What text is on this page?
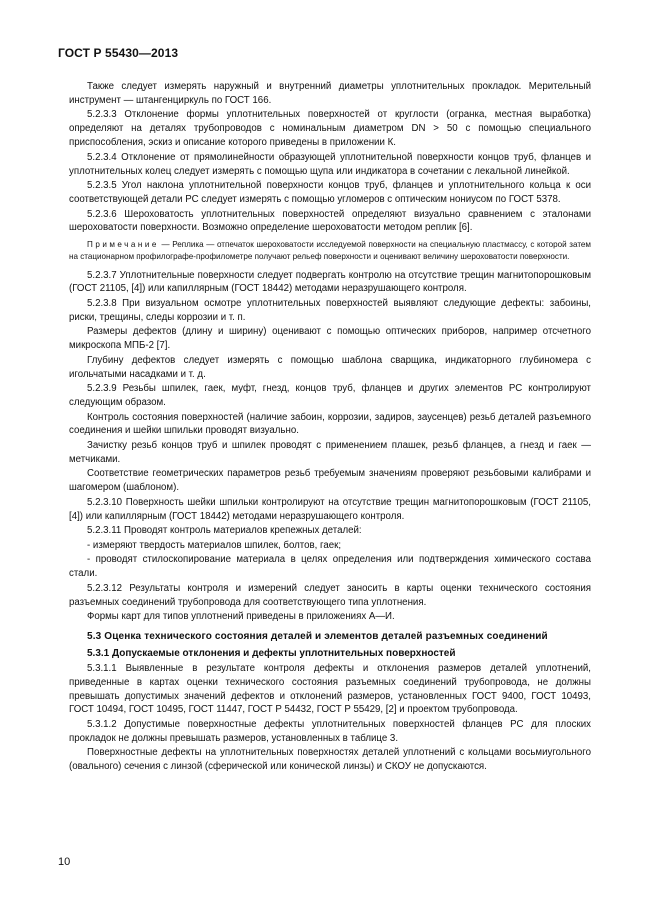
ГОСТ Р 55430—2013

Также следует измерять наружный и внутренний диаметры уплотнительных прокладок. Мерительный инструмент — штангенциркуль по ГОСТ 166.

5.2.3.3 Отклонение формы уплотнительных поверхностей от круглости (огранка, местная выработка) определяют на деталях трубопроводов с номинальным диаметром DN > 50 с помощью специального приспособления, эскиз и описание которого приведены в приложении К.

5.2.3.4 Отклонение от прямолинейности образующей уплотнительной поверхности концов труб, фланцев и уплотнительных колец следует измерять с помощью щупа или индикатора в сочетании с лекальной линейкой.

5.2.3.5 Угол наклона уплотнительной поверхности концов труб, фланцев и уплотнительного кольца к оси соответствующей детали РС следует измерять с помощью угломеров с оптическим нониусом по ГОСТ 5378.

5.2.3.6 Шероховатость уплотнительных поверхностей определяют визуально сравнением с эталонами шероховатости поверхности. Возможно определение шероховатости методом реплик [6].

Примечание — Реплика — отпечаток шероховатости исследуемой поверхности на специальную пластмассу, с которой затем на стационарном профилографе-профилометре получают рельеф поверхности и оценивают величину шероховатости поверхности.

5.2.3.7 Уплотнительные поверхности следует подвергать контролю на отсутствие трещин магнитопорошковым (ГОСТ 21105, [4]) или капиллярным (ГОСТ 18442) методами неразрушающего контроля.

5.2.3.8 При визуальном осмотре уплотнительных поверхностей выявляют следующие дефекты: забоины, риски, трещины, следы коррозии и т. п.

Размеры дефектов (длину и ширину) оценивают с помощью оптических приборов, например отсчетного микроскопа МПБ-2 [7].

Глубину дефектов следует измерять с помощью шаблона сварщика, индикаторного глубиномера с игольчатыми насадками и т. д.

5.2.3.9 Резьбы шпилек, гаек, муфт, гнезд, концов труб, фланцев и других элементов РС контролируют следующим образом.

Контроль состояния поверхностей (наличие забоин, коррозии, задиров, заусенцев) резьб деталей разъемного соединения и шейки шпильки проводят визуально.

Зачистку резьб концов труб и шпилек проводят с применением плашек, резьб фланцев, а гнезд и гаек — метчиками.

Соответствие геометрических параметров резьб требуемым значениям проверяют резьбовыми калибрами и шагомером (шаблоном).

5.2.3.10 Поверхность шейки шпильки контролируют на отсутствие трещин магнитопорошковым (ГОСТ 21105, [4]) или капиллярным (ГОСТ 18442) методами неразрушающего контроля.

5.2.3.11 Проводят контроль материалов крепежных деталей:

- измеряют твердость материалов шпилек, болтов, гаек;

- проводят стилоскопирование материала в целях определения или подтверждения химического состава стали.

5.2.3.12 Результаты контроля и измерений следует заносить в карты оценки технического состояния разъемных соединений трубопровода для соответствующего типа уплотнения.

Формы карт для типов уплотнений приведены в приложениях А—И.

5.3 Оценка технического состояния деталей и элементов деталей разъемных соединений

5.3.1 Допускаемые отклонения и дефекты уплотнительных поверхностей

5.3.1.1 Выявленные в результате контроля дефекты и отклонения размеров деталей уплотнений, приведенные в картах оценки технического состояния разъемных соединений трубопровода, не должны превышать допустимых значений дефектов и отклонений размеров, установленных ГОСТ 9400, ГОСТ 10493, ГОСТ 10494, ГОСТ 10495, ГОСТ 11447, ГОСТ Р 54432, ГОСТ Р 55429, [2] и проектом трубопровода.

5.3.1.2 Допустимые поверхностные дефекты уплотнительных поверхностей фланцев РС для плоских прокладок не должны превышать размеров, установленных в таблице 3.

Поверхностные дефекты на уплотнительных поверхностях деталей уплотнений с кольцами восьмиугольного (овального) сечения с линзой (сферической или конической линзы) и СКОУ не допускаются.

10
